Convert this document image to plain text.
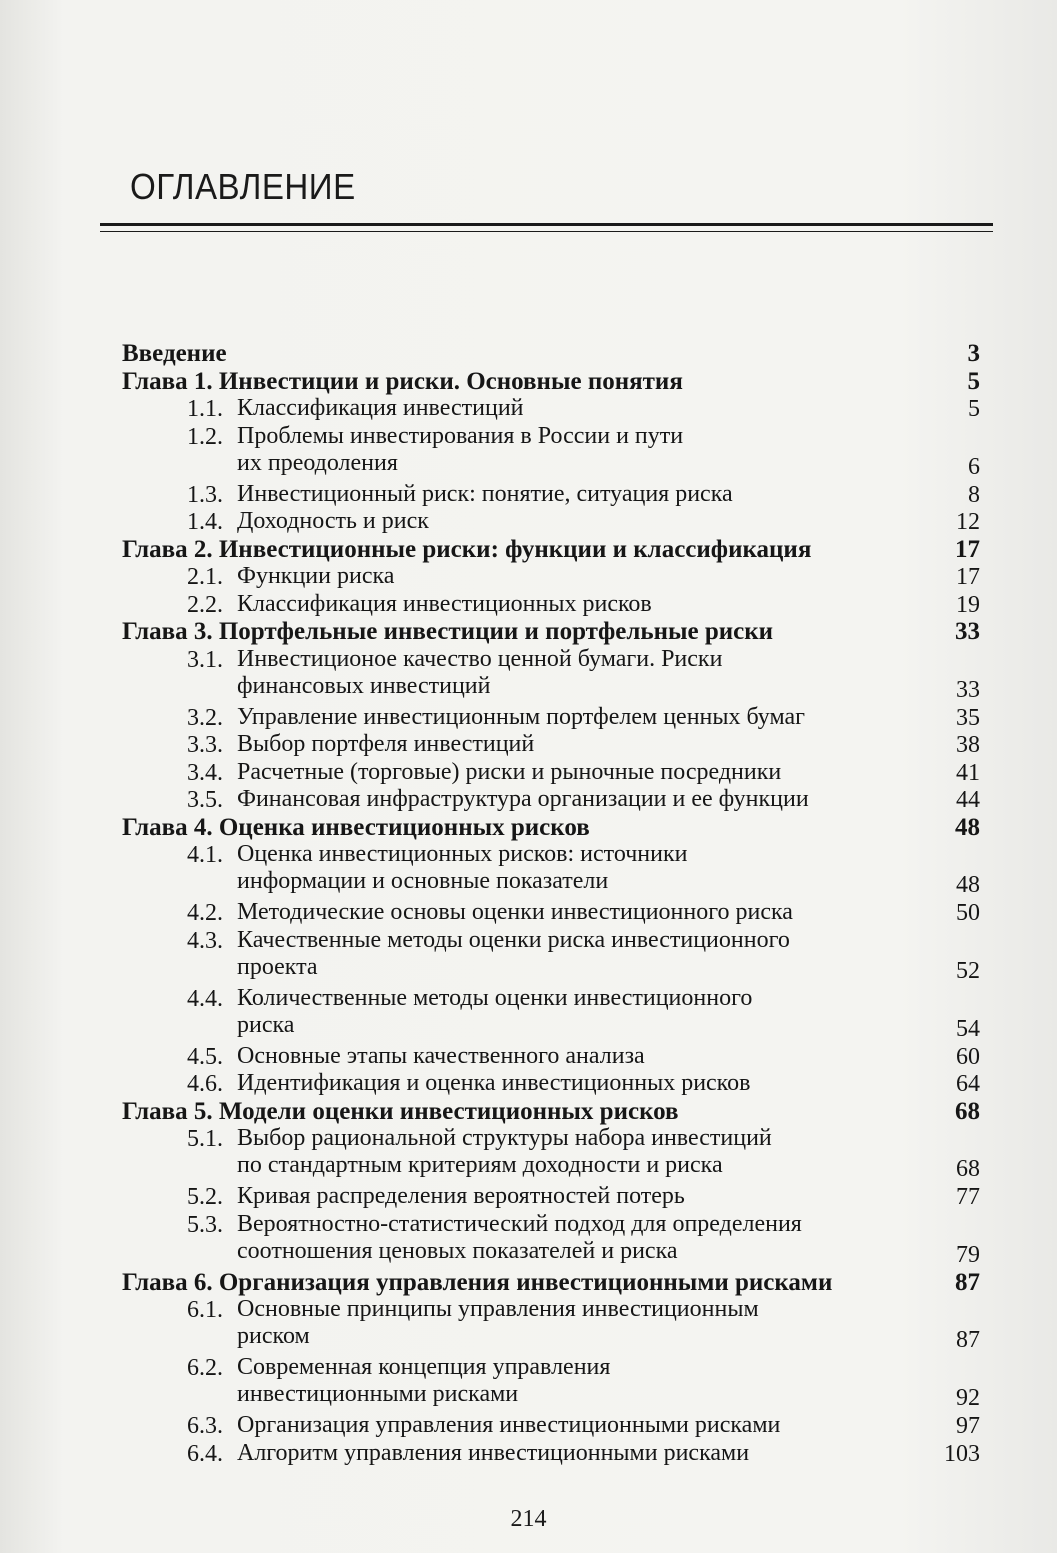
ОГЛАВЛЕНИЕ
Введение	3
Глава 1. Инвестиции и риски. Основные понятия	5
1.1. Классификация инвестиций	5
1.2. Проблемы инвестирования в России и пути
их преодоления	6
1.3. Инвестиционный риск: понятие, ситуация риска	8
1.4. Доходность и риск	12
Глава 2. Инвестиционные риски: функции и классификация	17
2.1. Функции риска	17
2.2. Классификация инвестиционных рисков	19
Глава 3. Портфельные инвестиции и портфельные риски	33
3.1. Инвестиционое качество ценной бумаги. Риски
финансовых инвестиций	33
3.2. Управление инвестиционным портфелем ценных бумаг	35
3.3. Выбор портфеля инвестиций	38
3.4. Расчетные (торговые) риски и рыночные посредники	41
3.5. Финансовая инфраструктура организации и ее функции	44
Глава 4. Оценка инвестиционных рисков	48
4.1. Оценка инвестиционных рисков: источники
информации и основные показатели	48
4.2. Методические основы оценки инвестиционного риска	50
4.3. Качественные методы оценки риска инвестиционного
проекта	52
4.4. Количественные методы оценки инвестиционного
риска	54
4.5. Основные этапы качественного анализа	60
4.6. Идентификация и оценка инвестиционных рисков	64
Глава 5. Модели оценки инвестиционных рисков	68
5.1. Выбор рациональной структуры набора инвестиций
по стандартным критериям доходности и риска	68
5.2. Кривая распределения вероятностей потерь	77
5.3. Вероятностно-статистический подход для определения
соотношения ценовых показателей и риска	79
Глава 6. Организация управления инвестиционными рисками	87
6.1. Основные принципы управления инвестиционным
риском	87
6.2. Современная концепция управления
инвестиционными рисками	92
6.3. Организация управления инвестиционными рисками	97
6.4. Алгоритм управления инвестиционными рисками	103
214
